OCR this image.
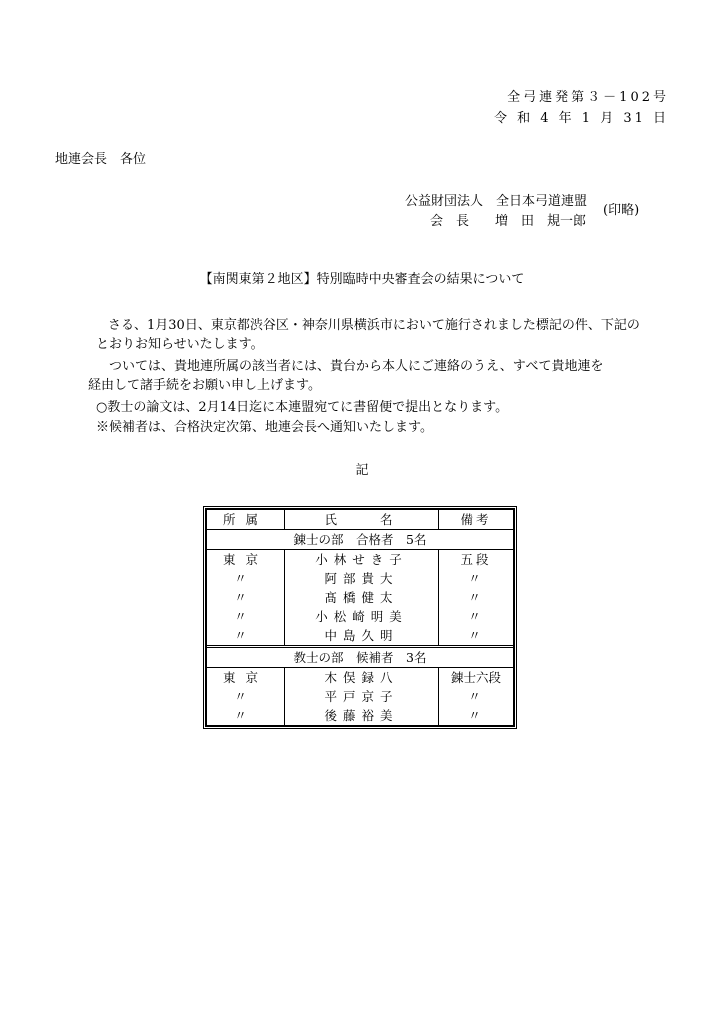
全弓連発第３－102号
令 和 4 年 1 月 31 日
地連会長　各位
公益財団法人　全日本弓道連盟
会　長　　増　田　規一郎
(印略)
【南関東第２地区】特別臨時中央審査会の結果について
　さる、1月30日、東京都渋谷区・神奈川県横浜市において施行されました標記の件、下記の
とおりお知らせいたします。
　ついては、貴地連所属の該当者には、貴台から本人にご連絡のうえ、すべて貴地連を
経由して諸手続をお願い申し上げます。
○教士の論文は、2月14日迄に本連盟宛てに書留便で提出となります。
※候補者は、合格決定次第、地連会長へ通知いたします。
記
所属	氏　　名	備考
錬士の部　合格者　5名		
東京	小林せき子	五段
〃	阿部貴大	〃
〃	髙橋健太	〃
〃	小松崎明美	〃
〃	中島久明	〃
教士の部　候補者　3名		
東京	木俣録八	錬士六段
〃	平戸京子	〃
〃	後藤裕美	〃
